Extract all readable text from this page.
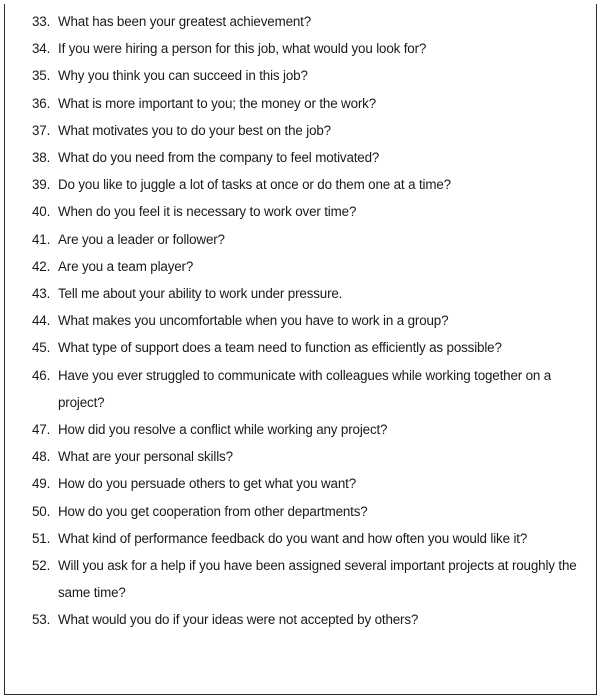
33. What has been your greatest achievement?
34. If you were hiring a person for this job, what would you look for?
35. Why you think you can succeed in this job?
36. What is more important to you; the money or the work?
37. What motivates you to do your best on the job?
38. What do you need from the company to feel motivated?
39. Do you like to juggle a lot of tasks at once or do them one at a time?
40. When do you feel it is necessary to work over time?
41. Are you a leader or follower?
42. Are you a team player?
43. Tell me about your ability to work under pressure.
44. What makes you uncomfortable when you have to work in a group?
45. What type of support does a team need to function as efficiently as possible?
46. Have you ever struggled to communicate with colleagues while working together on a project?
47. How did you resolve a conflict while working any project?
48. What are your personal skills?
49. How do you persuade others to get what you want?
50. How do you get cooperation from other departments?
51. What kind of performance feedback do you want and how often you would like it?
52. Will you ask for a help if you have been assigned several important projects at roughly the same time?
53. What would you do if your ideas were not accepted by others?
